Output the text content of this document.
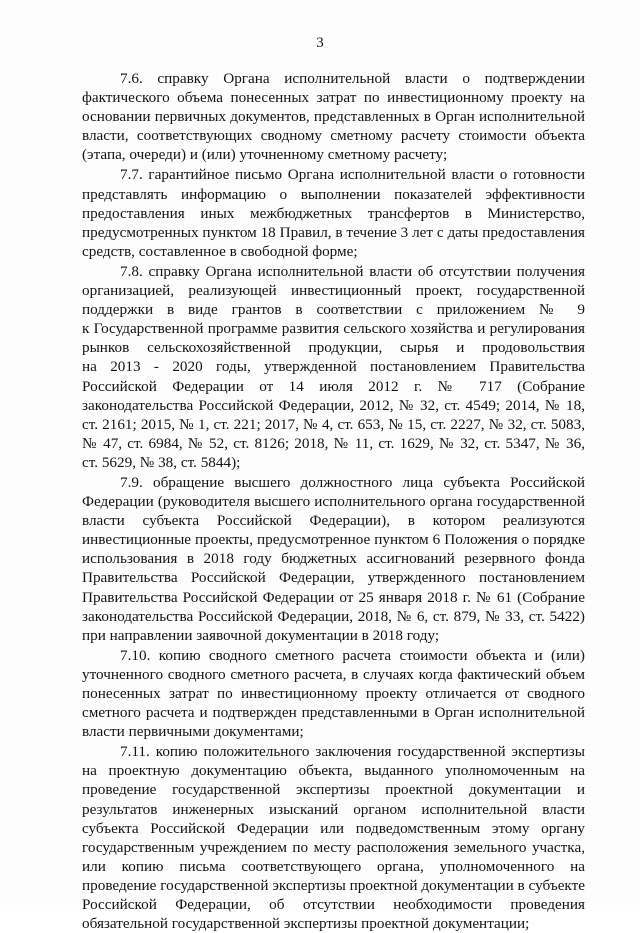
3

7.6. справку Органа исполнительной власти о подтверждении

фактического объема понесенных затрат по инвестиционному проекту на

основании первичных документов, представленных в Орган исполнительной

власти, соответствующих сводному сметному расчету стоимости объекта

(этапа, очереди) и (или) уточненному сметному расчету;

7.7. гарантийное письмо Органа исполнительной власти о готовности

представлять информацию о выполнении показателей эффективности

предоставления иных межбюджетных трансфертов в Министерство,

предусмотренных пунктом 18 Правил, в течение 3 лет с даты предоставления

средств, составленное в свободной форме;

7.8. справку Органа исполнительной власти об отсутствии получения

организацией, реализующей инвестиционный проект, государственной

поддержки в виде грантов в соответствии с приложением № 9

к Государственной программе развития сельского хозяйства и регулирования

рынков сельскохозяйственной продукции, сырья и продовольствия

на 2013 - 2020 годы, утвержденной постановлением Правительства

Российской Федерации от 14 июля 2012 г. № 717 (Собрание

законодательства Российской Федерации, 2012, № 32, ст. 4549; 2014, № 18,

ст. 2161; 2015, № 1, ст. 221; 2017, № 4, ст. 653, № 15, ст. 2227, № 32, ст. 5083,

№ 47, ст. 6984, № 52, ст. 8126; 2018, № 11, ст. 1629, № 32, ст. 5347, № 36,

ст. 5629, № 38, ст. 5844);

7.9. обращение высшего должностного лица субъекта Российской

Федерации (руководителя высшего исполнительного органа государственной

власти субъекта Российской Федерации), в котором реализуются

инвестиционные проекты, предусмотренное пунктом 6 Положения о порядке

использования в 2018 году бюджетных ассигнований резервного фонда

Правительства Российской Федерации, утвержденного постановлением

Правительства Российской Федерации от 25 января 2018 г. № 61 (Собрание

законодательства Российской Федерации, 2018, № 6, ст. 879, № 33, ст. 5422)

при направлении заявочной документации в 2018 году;

7.10. копию сводного сметного расчета стоимости объекта и (или)

уточненного сводного сметного расчета, в случаях когда фактический объем

понесенных затрат по инвестиционному проекту отличается от сводного

сметного расчета и подтвержден представленными в Орган исполнительной

власти первичными документами;

7.11. копию положительного заключения государственной экспертизы

на проектную документацию объекта, выданного уполномоченным на

проведение государственной экспертизы проектной документации и

результатов инженерных изысканий органом исполнительной власти

субъекта Российской Федерации или подведомственным этому органу

государственным учреждением по месту расположения земельного участка,

или копию письма соответствующего органа, уполномоченного на

проведение государственной экспертизы проектной документации в субъекте

Российской Федерации, об отсутствии необходимости проведения

обязательной государственной экспертизы проектной документации;
